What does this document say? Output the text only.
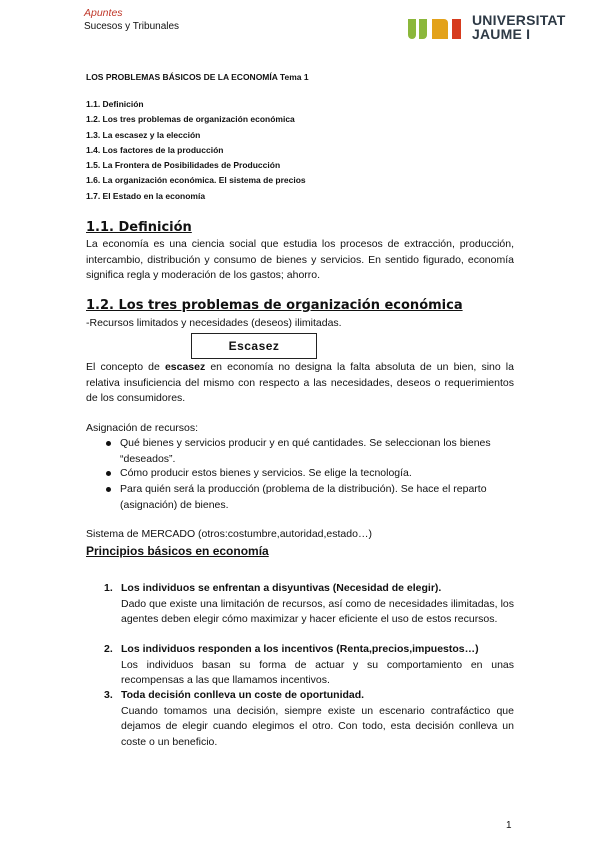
Apuntes
Sucesos y Tribunales	UNIVERSITAT
JAUME I
LOS PROBLEMAS BÁSICOS DE LA ECONOMÍA Tema 1
1.1. Definición
1.2. Los tres problemas de organización económica
1.3. La escasez y la elección
1.4. Los factores de la producción
1.5. La Frontera de Posibilidades de Producción
1.6. La organización económica. El sistema de precios
1.7. El Estado en la economía
1.1. Definición
La economía es una ciencia social que estudia los procesos de extracción, producción, intercambio, distribución y consumo de bienes y servicios. En sentido figurado, economía significa regla y moderación de los gastos; ahorro.
1.2. Los tres problemas de organización económica
-Recursos limitados y necesidades (deseos) ilimitadas.
Escasez
El concepto de escasez en economía no designa la falta absoluta de un bien, sino la relativa insuficiencia del mismo con respecto a las necesidades, deseos o requerimientos de los consumidores.
Asignación de recursos:
Qué bienes y servicios producir y en qué cantidades. Se seleccionan los bienes “deseados”.
Cómo producir estos bienes y servicios. Se elige la tecnología.
Para quién será la producción (problema de la distribución). Se hace el reparto (asignación) de bienes.
Sistema de MERCADO (otros:costumbre,autoridad,estado…)
Principios básicos en economía
1. Los individuos se enfrentan a disyuntivas (Necesidad de elegir).
Dado que existe una limitación de recursos, así como de necesidades ilimitadas, los agentes deben elegir cómo maximizar y hacer eficiente el uso de estos recursos.
2. Los individuos responden a los incentivos (Renta,precios,impuestos…)
Los individuos basan su forma de actuar y su comportamiento en unas recompensas a las que llamamos incentivos.
3. Toda decisión conlleva un coste de oportunidad.
Cuando tomamos una decisión, siempre existe un escenario contrafáctico que dejamos de elegir cuando elegimos el otro. Con todo, esta decisión conlleva un coste o un beneficio.
1
